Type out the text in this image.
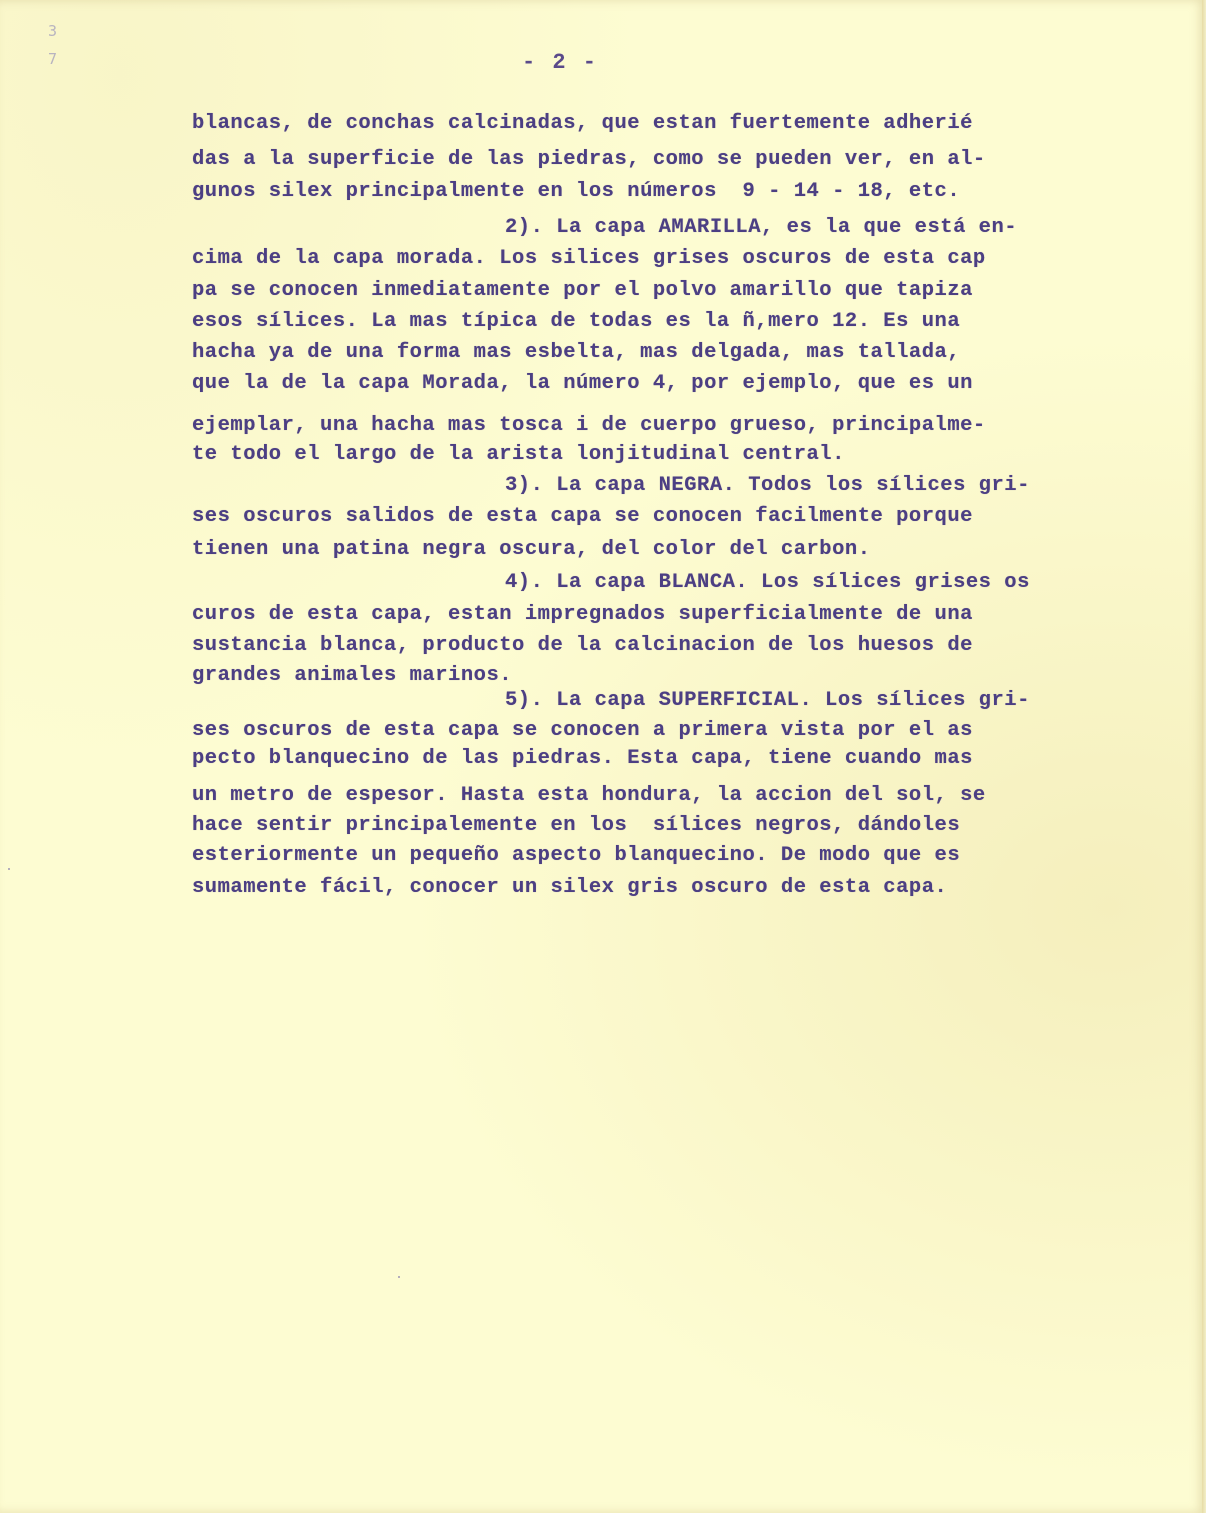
3
7	- 2 -
blancas, de conchas calcinadas, que estan fuertemente adherié
das a la superficie de las piedras, como se pueden ver, en al-
gunos silex principalmente en los números  9 - 14 - 18, etc.
2). La capa AMARILLA, es la que está en-
cima de la capa morada. Los silices grises oscuros de esta cap
pa se conocen inmediatamente por el polvo amarillo que tapiza
esos sílices. La mas típica de todas es la ñ,mero 12. Es una
hacha ya de una forma mas esbelta, mas delgada, mas tallada,
que la de la capa Morada, la número 4, por ejemplo, que es un
ejemplar, una hacha mas tosca i de cuerpo grueso, principalme-
te todo el largo de la arista lonjitudinal central.
3). La capa NEGRA. Todos los sílices gri-
ses oscuros salidos de esta capa se conocen facilmente porque
tienen una patina negra oscura, del color del carbon.
4). La capa BLANCA. Los sílices grises os
curos de esta capa, estan impregnados superficialmente de una
sustancia blanca, producto de la calcinacion de los huesos de
grandes animales marinos.
5). La capa SUPERFICIAL. Los sílices gri-
ses oscuros de esta capa se conocen a primera vista por el as
pecto blanquecino de las piedras. Esta capa, tiene cuando mas
un metro de espesor. Hasta esta hondura, la accion del sol, se
hace sentir principalemente en los  sílices negros, dándoles
esteriormente un pequeño aspecto blanquecino. De modo que es
sumamente fácil, conocer un silex gris oscuro de esta capa.
